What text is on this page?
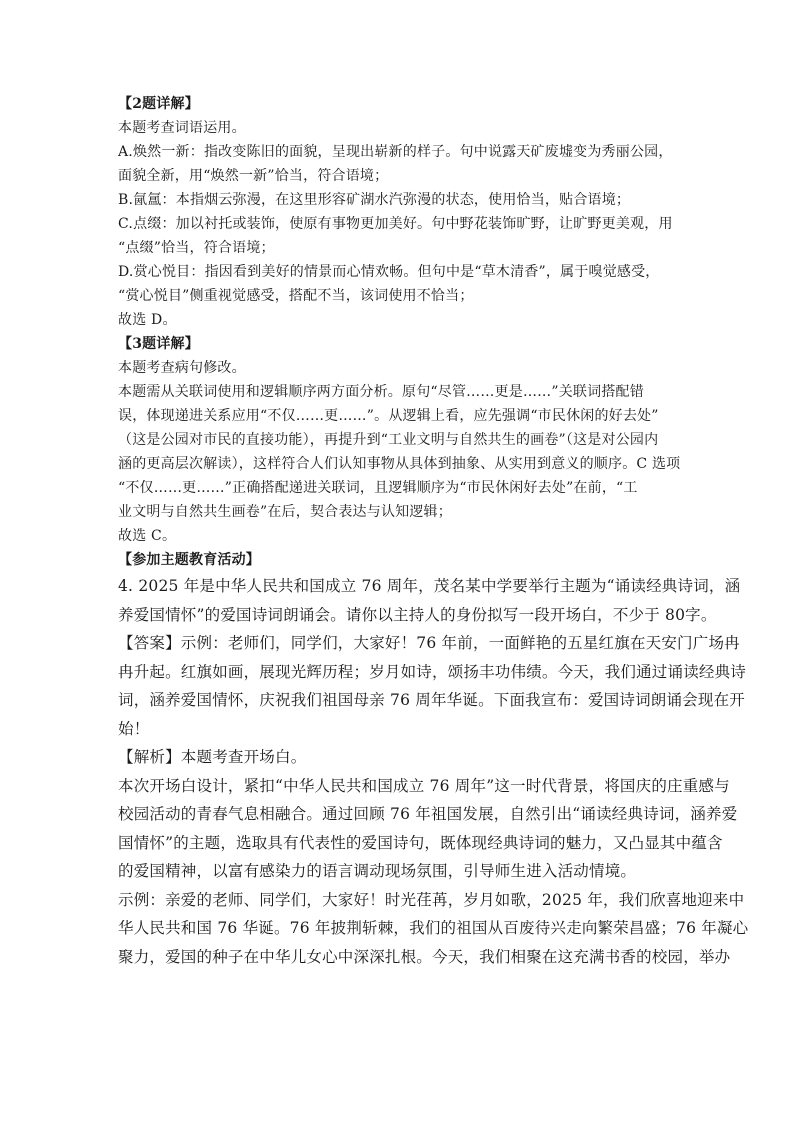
【2题详解】
本题考查词语运用。
A.焕然一新：指改变陈旧的面貌，呈现出崭新的样子。句中说露天矿废墟变为秀丽公园，
面貌全新，用“焕然一新”恰当，符合语境；
B.氤氲：本指烟云弥漫，在这里形容矿湖水汽弥漫的状态，使用恰当，贴合语境；
C.点缀：加以衬托或装饰，使原有事物更加美好。句中野花装饰旷野，让旷野更美观，用
“点缀”恰当，符合语境；
D.赏心悦目：指因看到美好的情景而心情欢畅。但句中是“草木清香”，属于嗅觉感受，
“赏心悦目”侧重视觉感受，搭配不当，该词使用不恰当；
故选 D。
【3题详解】
本题考查病句修改。
本题需从关联词使用和逻辑顺序两方面分析。原句“尽管……更是……”关联词搭配错
误，体现递进关系应用“不仅……更……”。从逻辑上看，应先强调“市民休闲的好去处”
（这是公园对市民的直接功能），再提升到“工业文明与自然共生的画卷”（这是对公园内
涵的更高层次解读），这样符合人们认知事物从具体到抽象、从实用到意义的顺序。C 选项
“不仅……更……”正确搭配递进关联词，且逻辑顺序为“市民休闲好去处”在前，“工
业文明与自然共生画卷”在后，契合表达与认知逻辑；
故选 C。
【参加主题教育活动】
4. 2025 年是中华人民共和国成立 76 周年，茂名某中学要举行主题为“诵读经典诗词，涵
养爱国情怀”的爱国诗词朗诵会。请你以主持人的身份拟写一段开场白，不少于 80字。
【答案】示例：老师们，同学们，大家好！76 年前，一面鲜艳的五星红旗在天安门广场冉
冉升起。红旗如画，展现光辉历程；岁月如诗，颂扬丰功伟绩。今天，我们通过诵读经典诗
词，涵养爱国情怀，庆祝我们祖国母亲 76 周年华诞。下面我宣布：爱国诗词朗诵会现在开
始！
【解析】本题考查开场白。
本次开场白设计，紧扣“中华人民共和国成立 76 周年”这一时代背景，将国庆的庄重感与
校园活动的青春气息相融合。通过回顾 76 年祖国发展，自然引出“诵读经典诗词，涵养爱
国情怀”的主题，选取具有代表性的爱国诗句，既体现经典诗词的魅力，又凸显其中蕴含
的爱国精神，以富有感染力的语言调动现场氛围，引导师生进入活动情境。
示例：亲爱的老师、同学们，大家好！时光荏苒，岁月如歌，2025 年，我们欣喜地迎来中
华人民共和国 76 华诞。76 年披荆斩棘，我们的祖国从百废待兴走向繁荣昌盛；76 年凝心
聚力，爱国的种子在中华儿女心中深深扎根。今天，我们相聚在这充满书香的校园，举办
